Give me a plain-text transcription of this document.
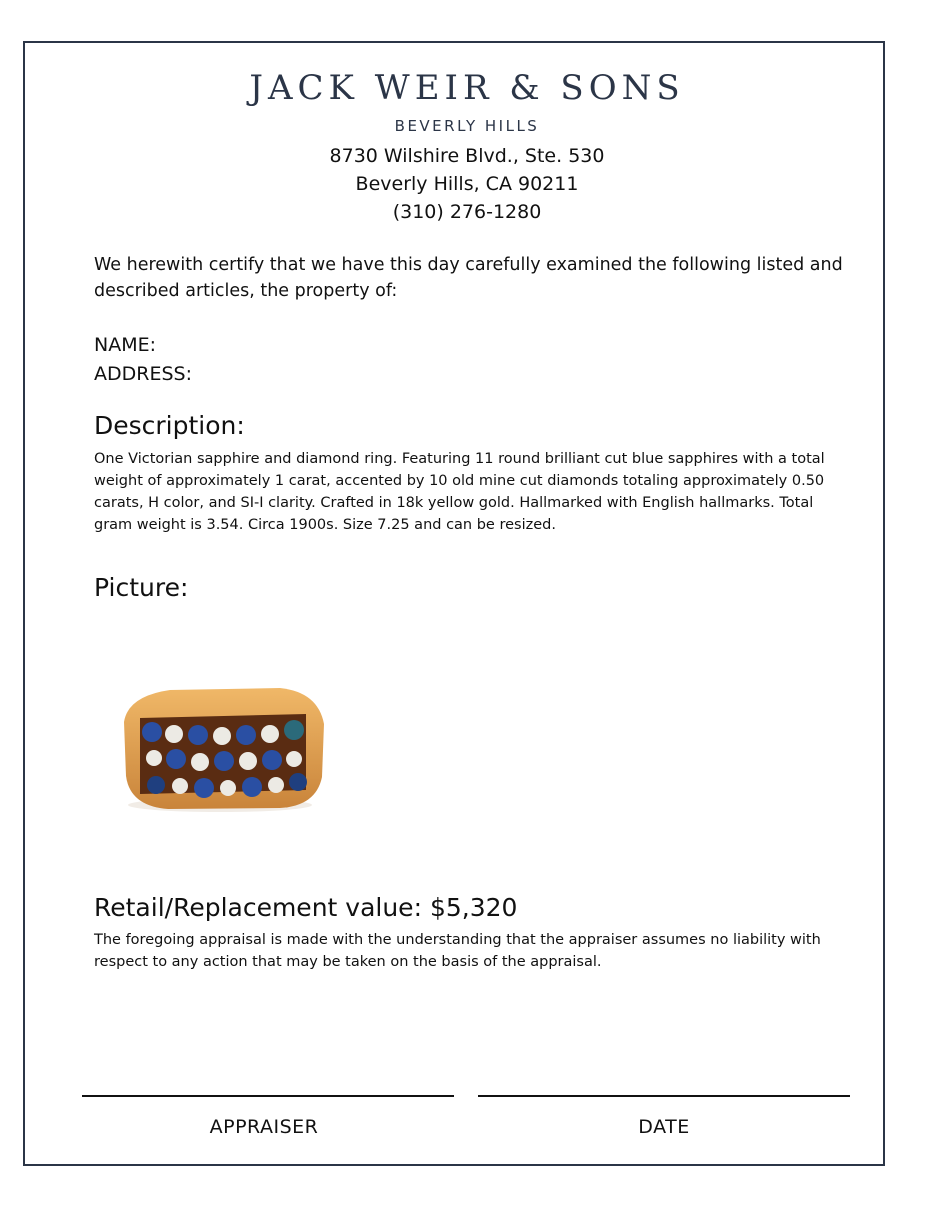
JACK WEIR & SONS
BEVERLY HILLS
8730 Wilshire Blvd., Ste. 530
Beverly Hills, CA 90211
(310) 276-1280
We herewith certify that we have this day carefully examined the following listed and described articles, the property of:
NAME:
ADDRESS:
Description:
One Victorian sapphire and diamond ring. Featuring 11 round brilliant cut blue sapphires with a total weight of approximately 1 carat, accented by 10 old mine cut diamonds totaling approximately 0.50 carats, H color, and SI-I clarity. Crafted in 18k yellow gold. Hallmarked with English hallmarks. Total gram weight is 3.54. Circa 1900s. Size 7.25 and can be resized.
Picture:
Retail/Replacement value: $5,320
The foregoing appraisal is made with the understanding that the appraiser assumes no liability with respect to any action that may be taken on the basis of the appraisal.
APPRAISER	DATE
